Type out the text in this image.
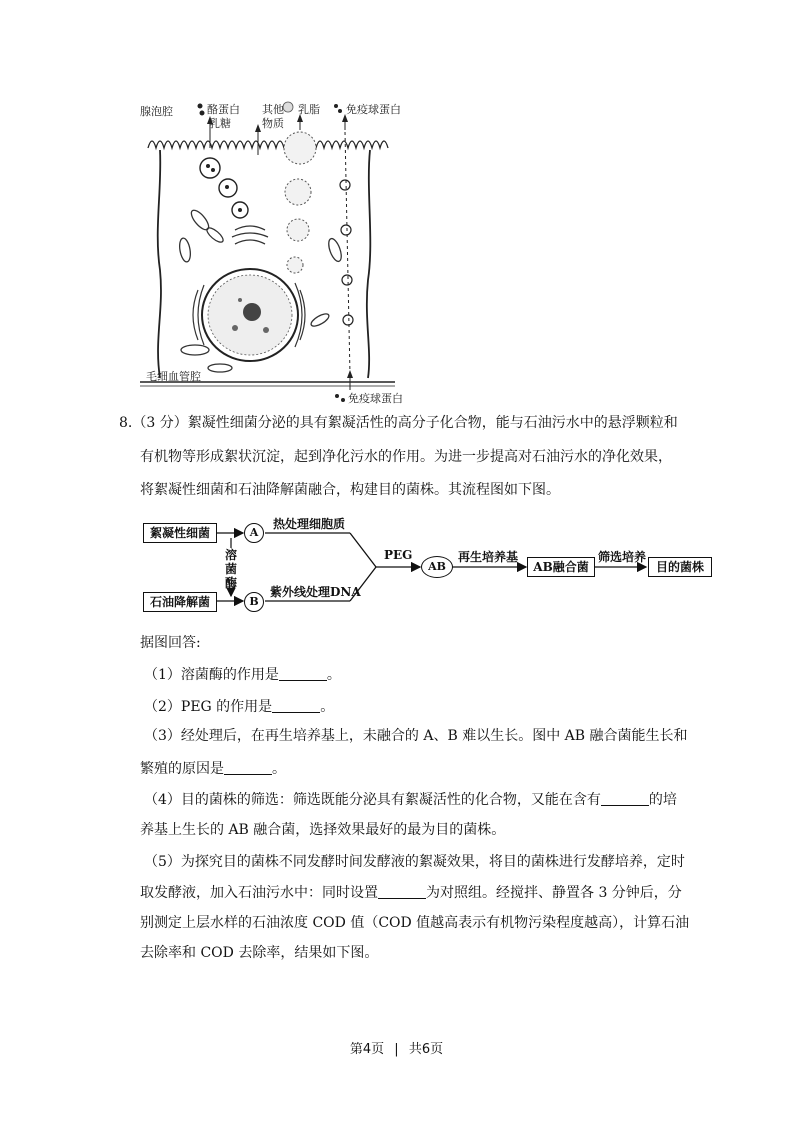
腺泡腔	酪蛋白
乳糖
其他
物质
乳脂 免疫球蛋白
毛细血管腔
免疫球蛋白
8.（3 分）絮凝性细菌分泌的具有絮凝活性的高分子化合物，能与石油污水中的悬浮颗粒和
有机物等形成絮状沉淀，起到净化污水的作用。为进一步提高对石油污水的净化效果，
将絮凝性细菌和石油降解菌融合，构建目的菌株。其流程图如下图。
絮凝性细菌
石油降解菌
A
B
溶
菌
酶
热处理细胞质
紫外线处理DNA
PEG
AB
再生培养基
AB融合菌
筛选培养
目的菌株
据图回答:
（1）溶菌酶的作用是	。
（2）PEG 的作用是	。
（3）经处理后，在再生培养基上，未融合的 A、B 难以生长。图中 AB 融合菌能生长和
繁殖的原因是	。
（4）目的菌株的筛选：筛选既能分泌具有絮凝活性的化合物，又能在含有	的培
养基上生长的 AB 融合菌，选择效果最好的最为目的菌株。
（5）为探究目的菌株不同发酵时间发酵液的絮凝效果，将目的菌株进行发酵培养，定时
取发酵液，加入石油污水中：同时设置	为对照组。经搅拌、静置各 3 分钟后，分
别测定上层水样的石油浓度 COD 值（COD 值越高表示有机物污染程度越高），计算石油
去除率和 COD 去除率，结果如下图。
第4页 | 共6页
